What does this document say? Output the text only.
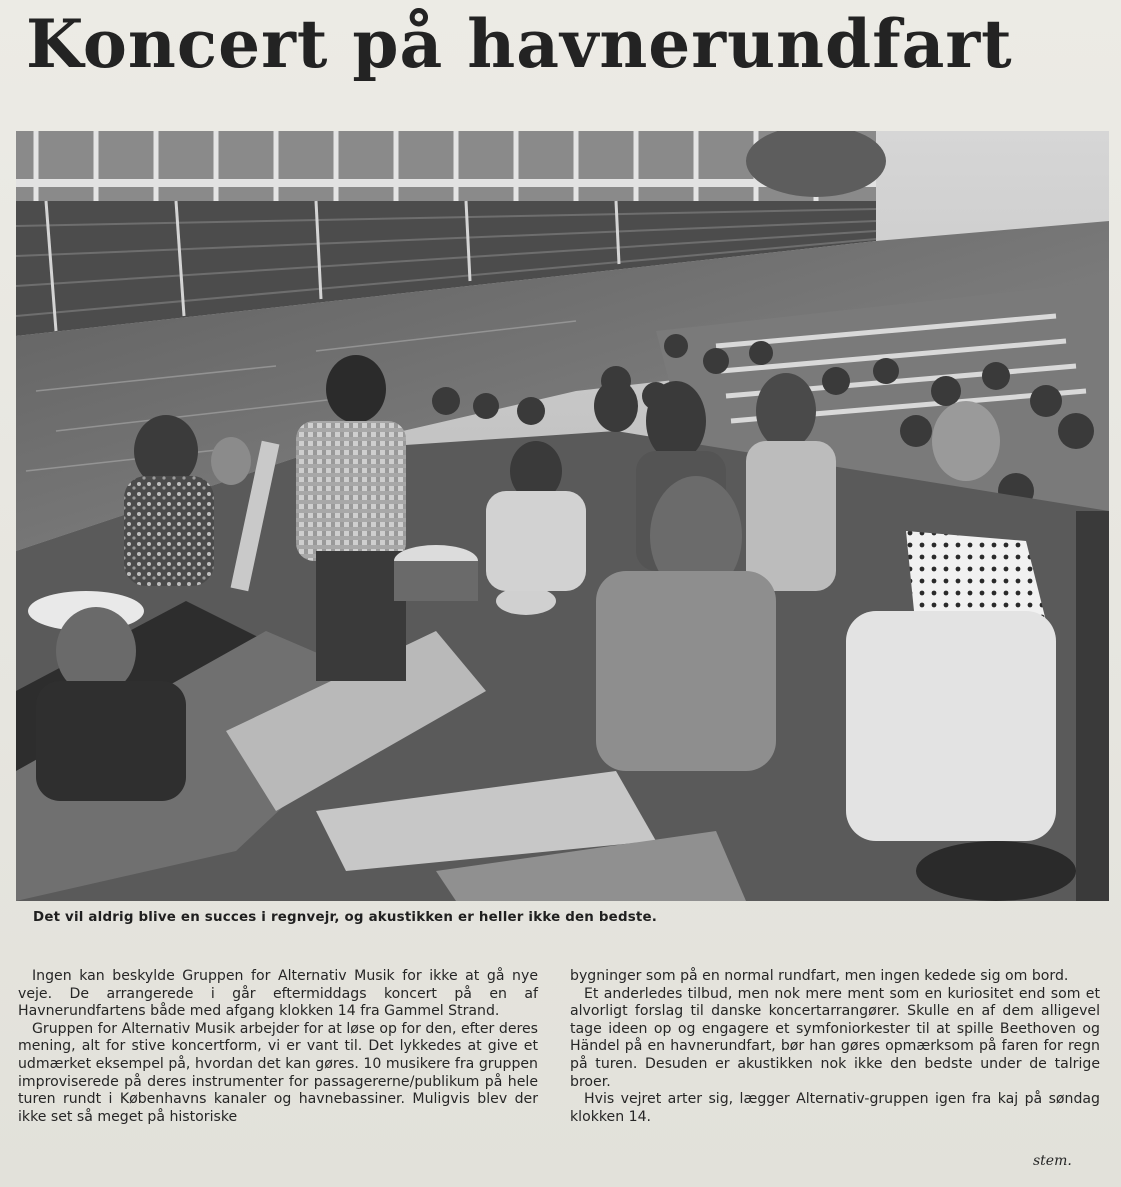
Koncert på havnerundfart
Det vil aldrig blive en succes i regnvejr, og akustikken er heller ikke den bedste.

Ingen kan beskylde Gruppen for Alternativ Musik for ikke at gå nye veje. De arrangerede i går eftermiddags koncert på en af Havnerundfartens både med afgang klokken 14 fra Gammel Strand.

Gruppen for Alternativ Musik arbejder for at løse op for den, efter deres mening, alt for stive koncertform, vi er vant til. Det lykkedes at give et udmærket eksempel på, hvordan det kan gøres. 10 musikere fra gruppen improviserede på deres instrumenter for passagererne/publikum på hele turen rundt i Københavns kanaler og havnebassiner. Muligvis blev der ikke set så meget på historiske

bygninger som på en normal rundfart, men ingen kedede sig om bord.

Et anderledes tilbud, men nok mere ment som en kuriositet end som et alvorligt forslag til danske koncertarrangører. Skulle en af dem alligevel tage ideen op og engagere et symfoniorkester til at spille Beethoven og Händel på en havnerundfart, bør han gøres opmærksom på faren for regn på turen. Desuden er akustikken nok ikke den bedste under de talrige broer.

Hvis vejret arter sig, lægger Alternativ-gruppen igen fra kaj på søndag klokken 14.

stem.
